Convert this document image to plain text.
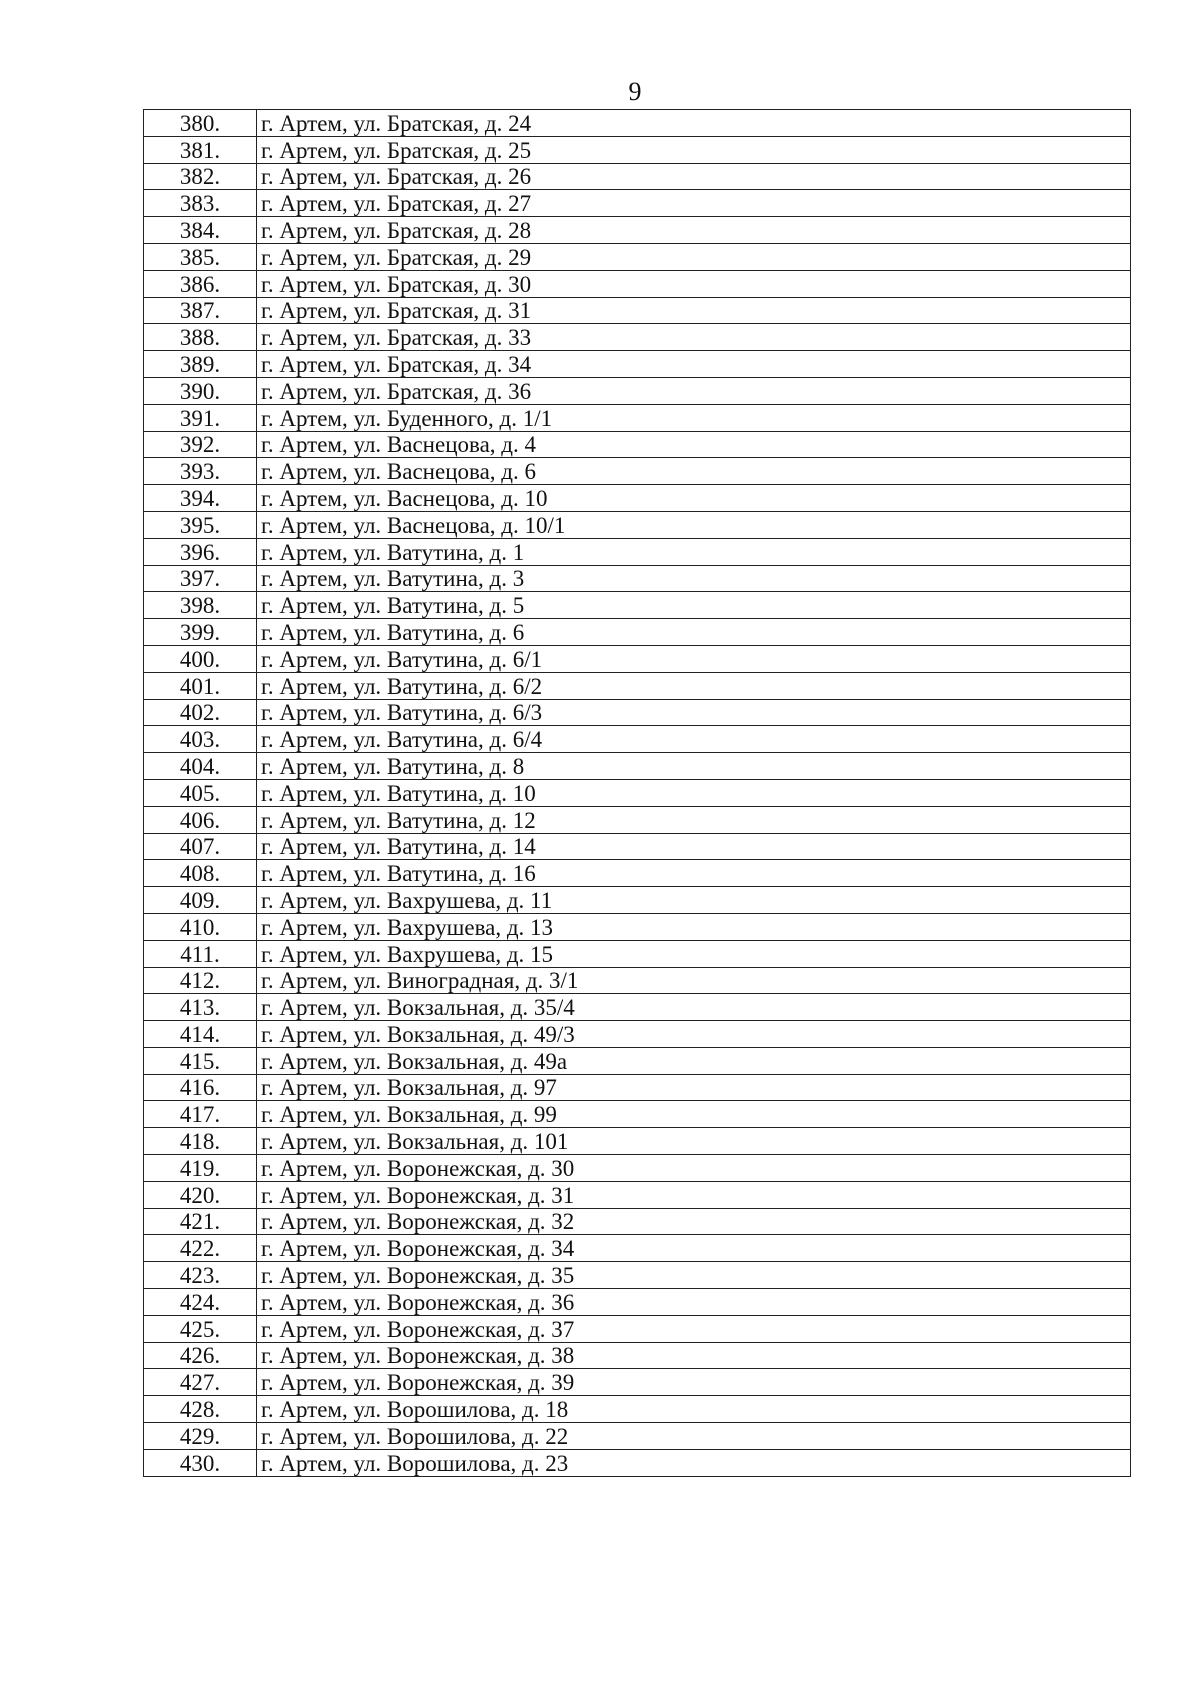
9
380.	г. Артем, ул. Братская, д. 24
381.	г. Артем, ул. Братская, д. 25
382.	г. Артем, ул. Братская, д. 26
383.	г. Артем, ул. Братская, д. 27
384.	г. Артем, ул. Братская, д. 28
385.	г. Артем, ул. Братская, д. 29
386.	г. Артем, ул. Братская, д. 30
387.	г. Артем, ул. Братская, д. 31
388.	г. Артем, ул. Братская, д. 33
389.	г. Артем, ул. Братская, д. 34
390.	г. Артем, ул. Братская, д. 36
391.	г. Артем, ул. Буденного, д. 1/1
392.	г. Артем, ул. Васнецова, д. 4
393.	г. Артем, ул. Васнецова, д. 6
394.	г. Артем, ул. Васнецова, д. 10
395.	г. Артем, ул. Васнецова, д. 10/1
396.	г. Артем, ул. Ватутина, д. 1
397.	г. Артем, ул. Ватутина, д. 3
398.	г. Артем, ул. Ватутина, д. 5
399.	г. Артем, ул. Ватутина, д. 6
400.	г. Артем, ул. Ватутина, д. 6/1
401.	г. Артем, ул. Ватутина, д. 6/2
402.	г. Артем, ул. Ватутина, д. 6/3
403.	г. Артем, ул. Ватутина, д. 6/4
404.	г. Артем, ул. Ватутина, д. 8
405.	г. Артем, ул. Ватутина, д. 10
406.	г. Артем, ул. Ватутина, д. 12
407.	г. Артем, ул. Ватутина, д. 14
408.	г. Артем, ул. Ватутина, д. 16
409.	г. Артем, ул. Вахрушева, д. 11
410.	г. Артем, ул. Вахрушева, д. 13
411.	г. Артем, ул. Вахрушева, д. 15
412.	г. Артем, ул. Виноградная, д. 3/1
413.	г. Артем, ул. Вокзальная, д. 35/4
414.	г. Артем, ул. Вокзальная, д. 49/3
415.	г. Артем, ул. Вокзальная, д. 49а
416.	г. Артем, ул. Вокзальная, д. 97
417.	г. Артем, ул. Вокзальная, д. 99
418.	г. Артем, ул. Вокзальная, д. 101
419.	г. Артем, ул. Воронежская, д. 30
420.	г. Артем, ул. Воронежская, д. 31
421.	г. Артем, ул. Воронежская, д. 32
422.	г. Артем, ул. Воронежская, д. 34
423.	г. Артем, ул. Воронежская, д. 35
424.	г. Артем, ул. Воронежская, д. 36
425.	г. Артем, ул. Воронежская, д. 37
426.	г. Артем, ул. Воронежская, д. 38
427.	г. Артем, ул. Воронежская, д. 39
428.	г. Артем, ул. Ворошилова, д. 18
429.	г. Артем, ул. Ворошилова, д. 22
430.	г. Артем, ул. Ворошилова, д. 23
